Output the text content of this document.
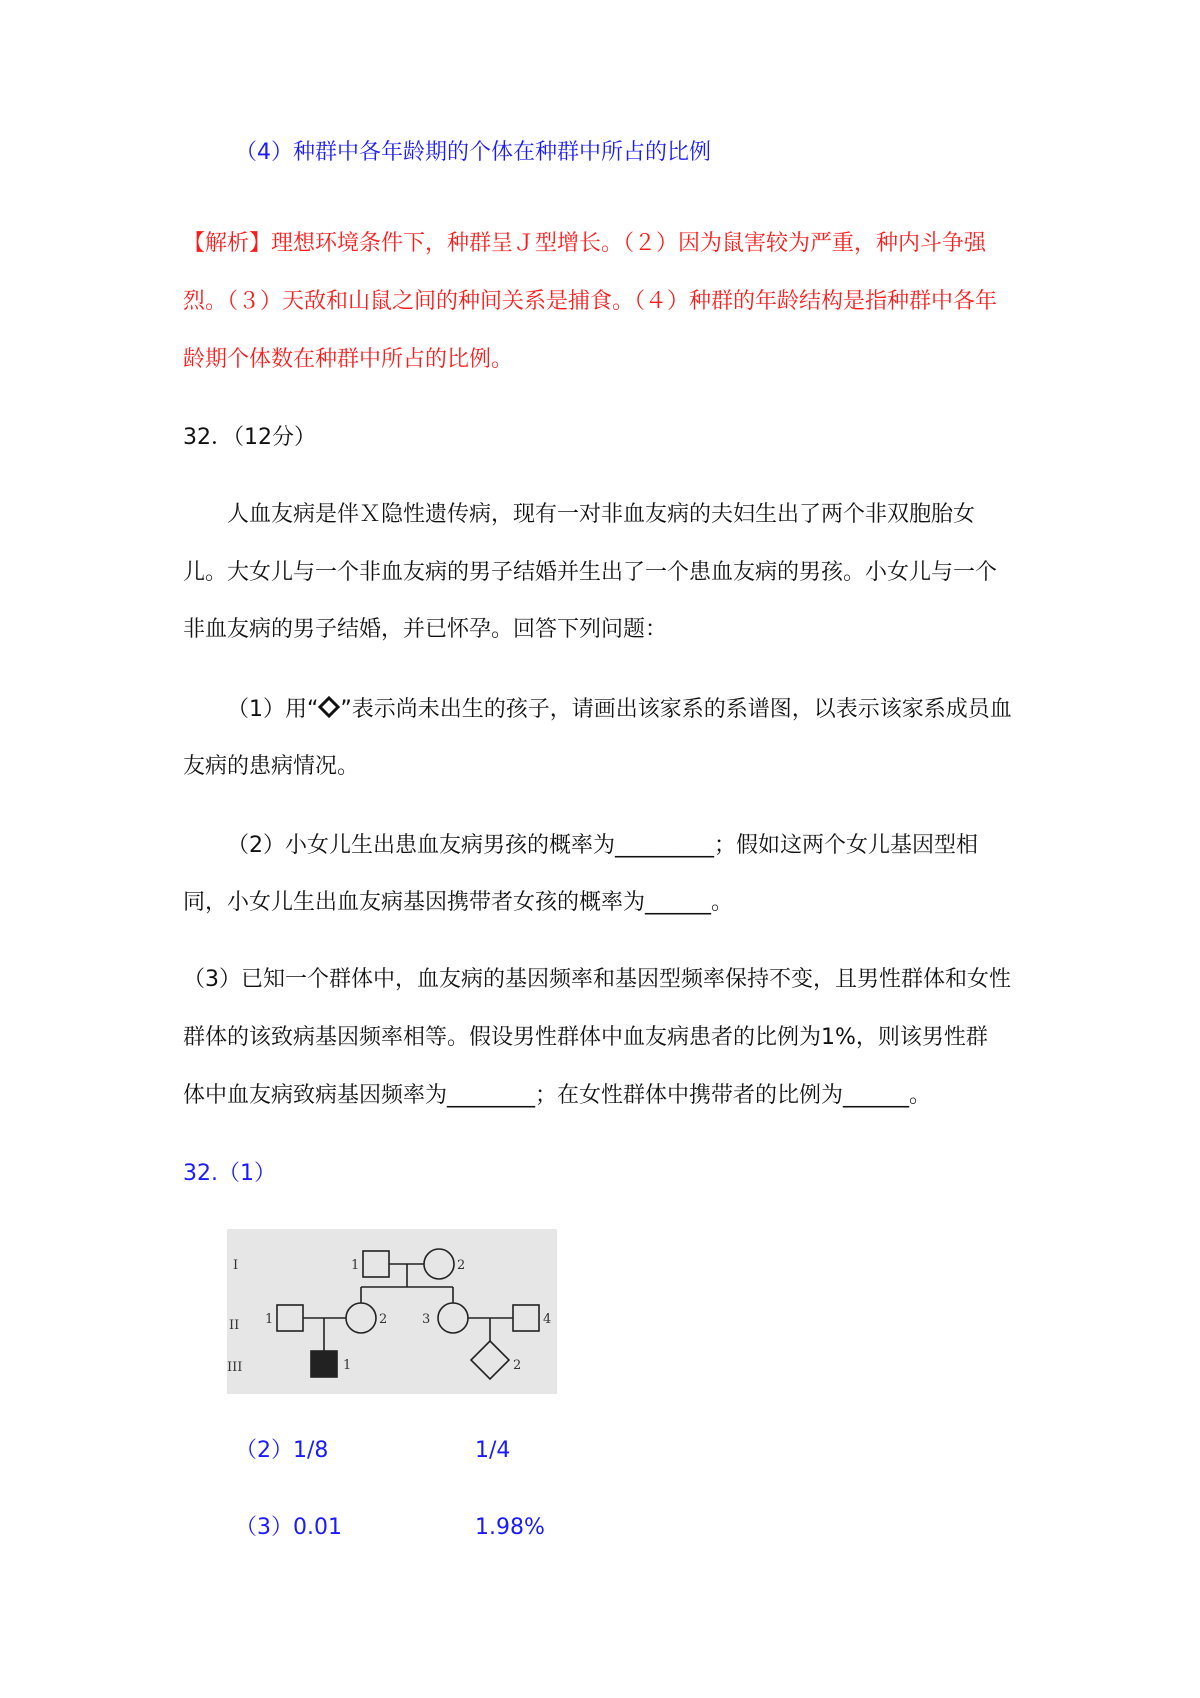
（4）种群中各年龄期的个体在种群中所占的比例
【解析】理想环境条件下，种群呈Ｊ型增长。（２）因为鼠害较为严重，种内斗争强
烈。（３）天敌和山鼠之间的种间关系是捕食。（４）种群的年龄结构是指种群中各年
龄期个体数在种群中所占的比例。
32．（12分）
人血友病是伴Ｘ隐性遗传病，现有一对非血友病的夫妇生出了两个非双胞胎女
儿。大女儿与一个非血友病的男子结婚并生出了一个患血友病的男孩。小女儿与一个
非血友病的男子结婚，并已怀孕。回答下列问题：
（1）用“ ”表示尚未出生的孩子，请画出该家系的系谱图，以表示该家系成员血
友病的患病情况。
（2）小女儿生出患血友病男孩的概率为_________；假如这两个女儿基因型相
同，小女儿生出血友病基因携带者女孩的概率为______。
（3）已知一个群体中，血友病的基因频率和基因型频率保持不变，且男性群体和女性
群体的该致病基因频率相等。假设男性群体中血友病患者的比例为1%，则该男性群
体中血友病致病基因频率为________；在女性群体中携带者的比例为______。
32.（1）
I
II
III
1	2
1	2	3	4
1	2
（2）1/8	1/4
（3）0.01	1.98%
